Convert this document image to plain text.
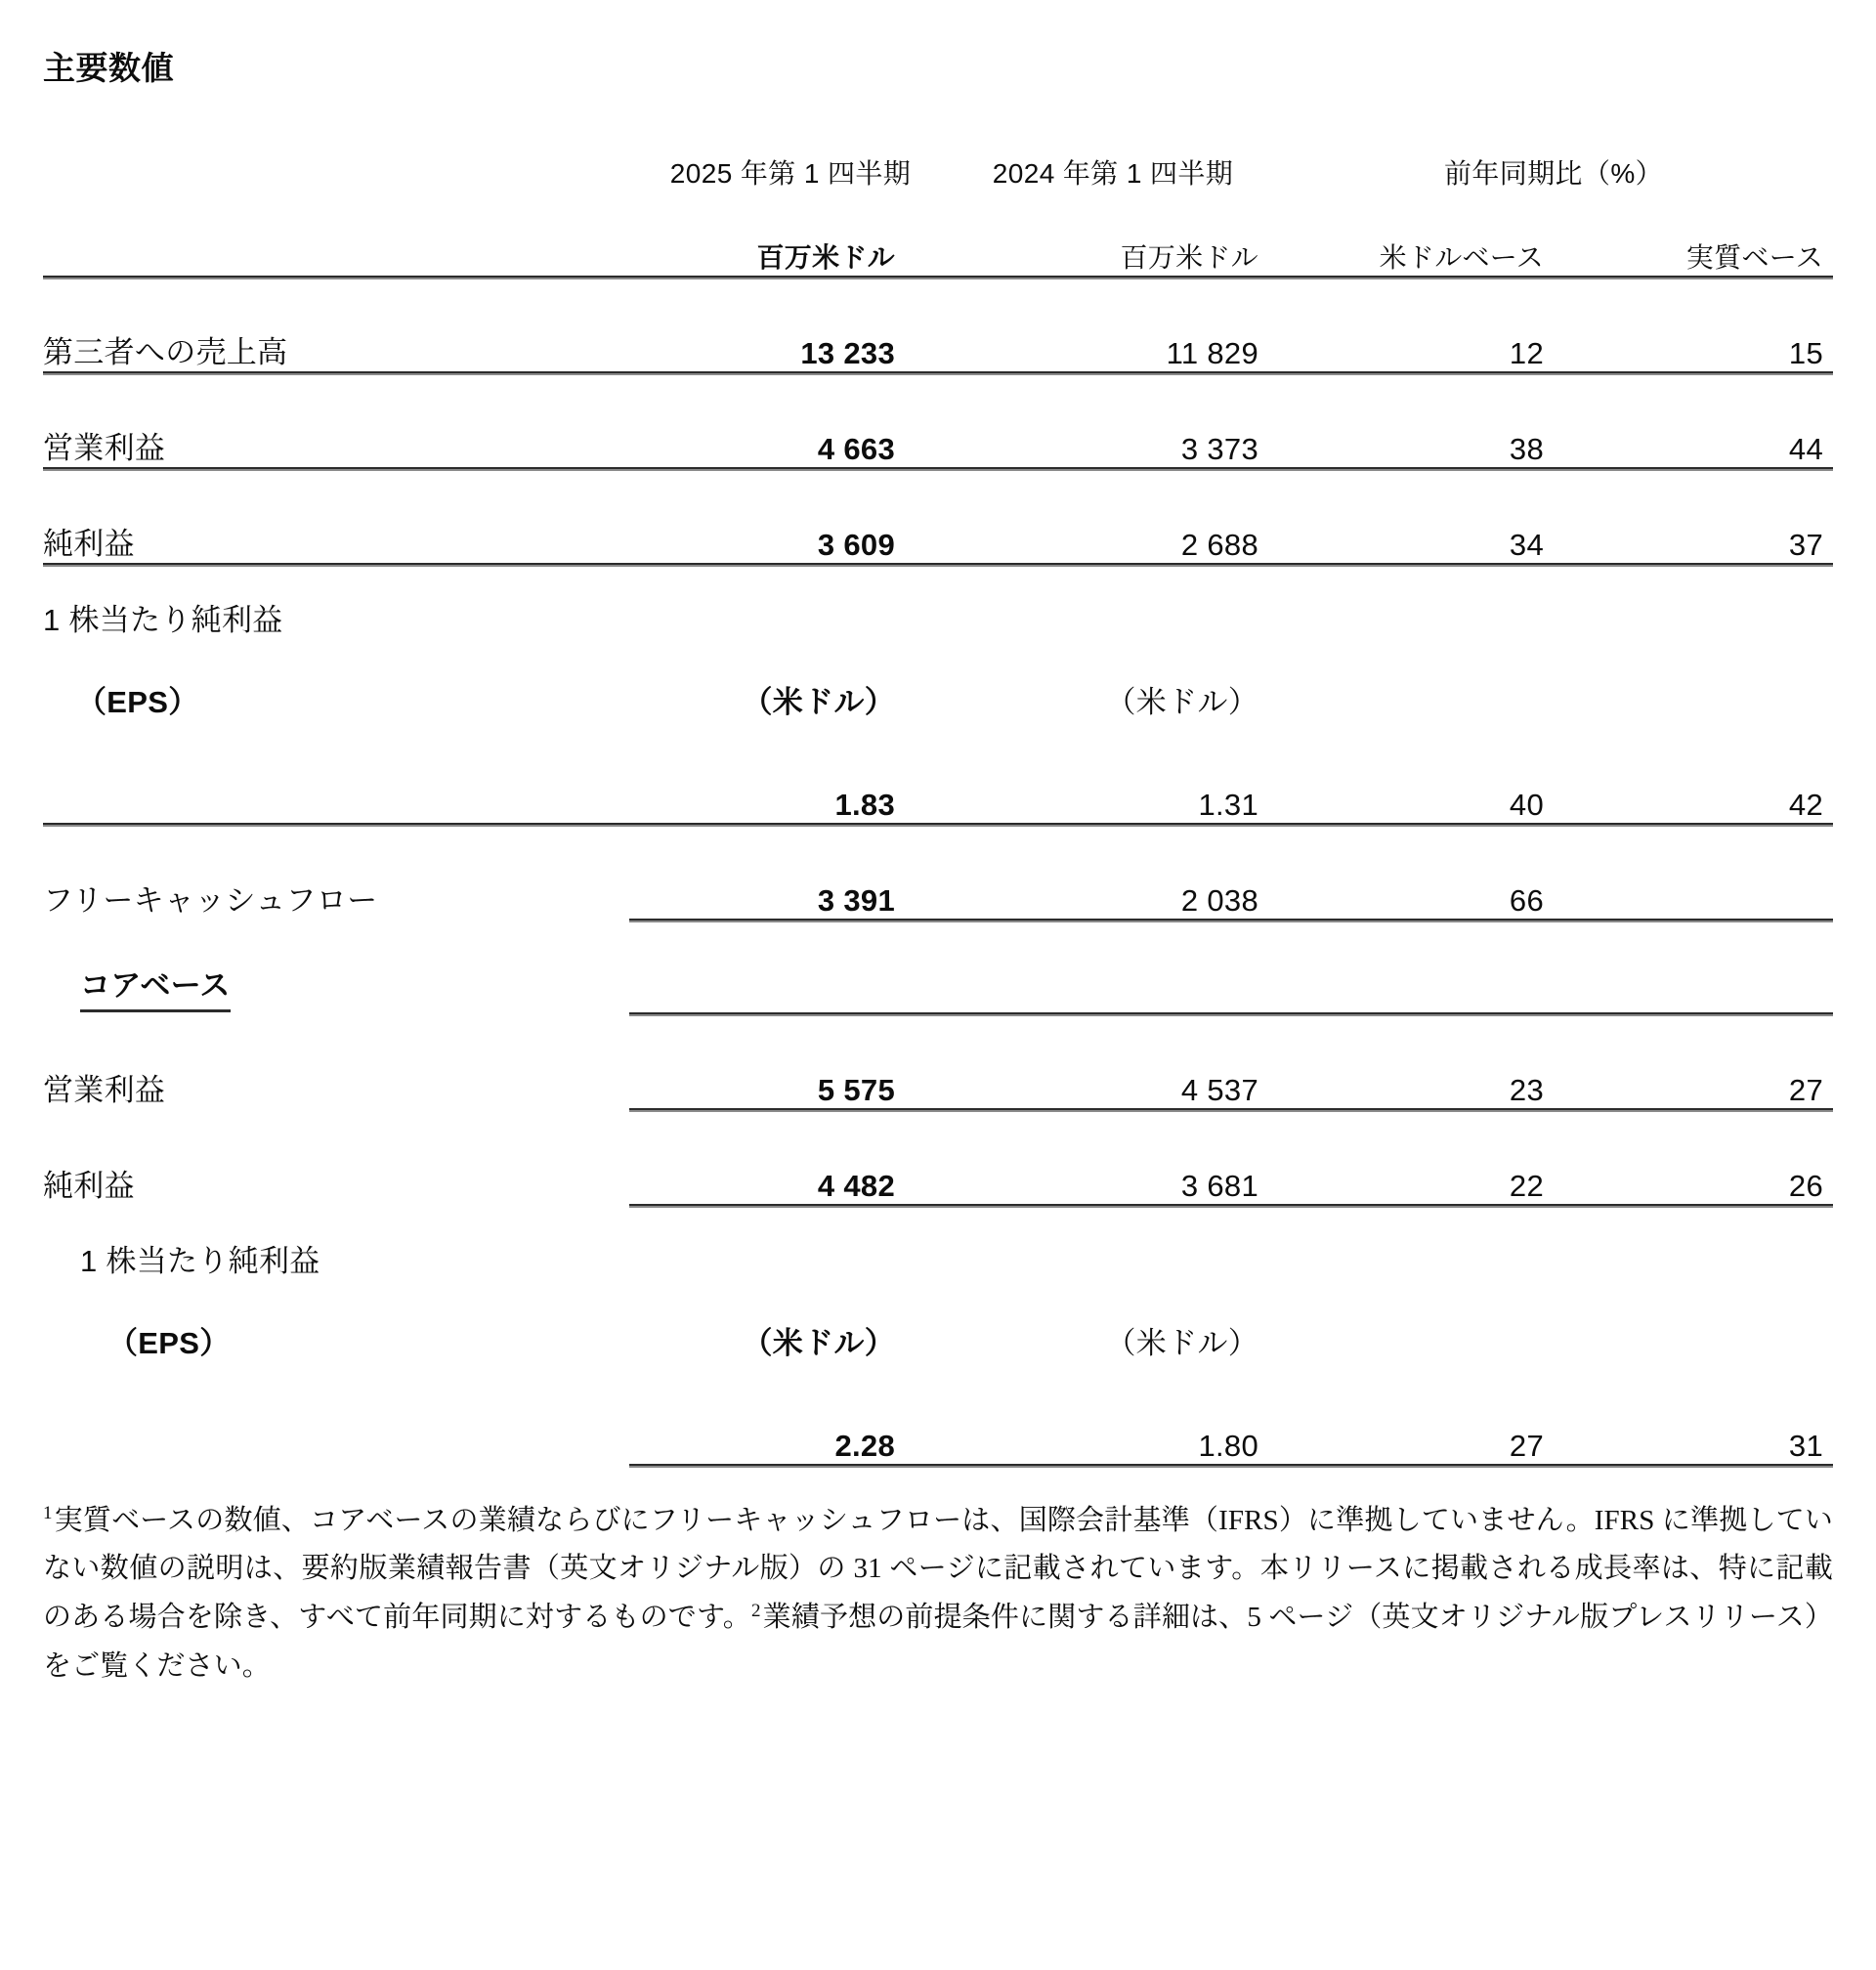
主要数値
	2025 年第 1 四半期	2024 年第 1 四半期	前年同期比（%）	
	百万米ドル	百万米ドル	米ドルベース	実質ベース

第三者への売上高	13 233	11 829	12	15

営業利益	4 663	3 373	38	44

純利益	3 609	2 688	34	37

1 株当たり純利益				
（EPS）	（米ドル）	（米ドル）		
	1.83	1.31	40	42

フリーキャッシュフロー	3 391	2 038	66	

コアベース				

営業利益	5 575	4 537	23	27

純利益	4 482	3 681	22	26

1 株当たり純利益				
（EPS）	（米ドル）	（米ドル）		
	2.28	1.80	27	31

$^1$実質ベースの数値、コアベースの業績ならびにフリーキャッシュフローは、国際会計基準（IFRS）に準拠していません。IFRS に準拠していない数値の説明は、要約版業績報告書（英文オリジナル版）の 31 ページに記載されています。本リリースに掲載される成長率は、特に記載のある場合を除き、すべて前年同期に対するものです。$^2$業績予想の前提条件に関する詳細は、5 ページ（英文オリジナル版プレスリリース）をご覧ください。
